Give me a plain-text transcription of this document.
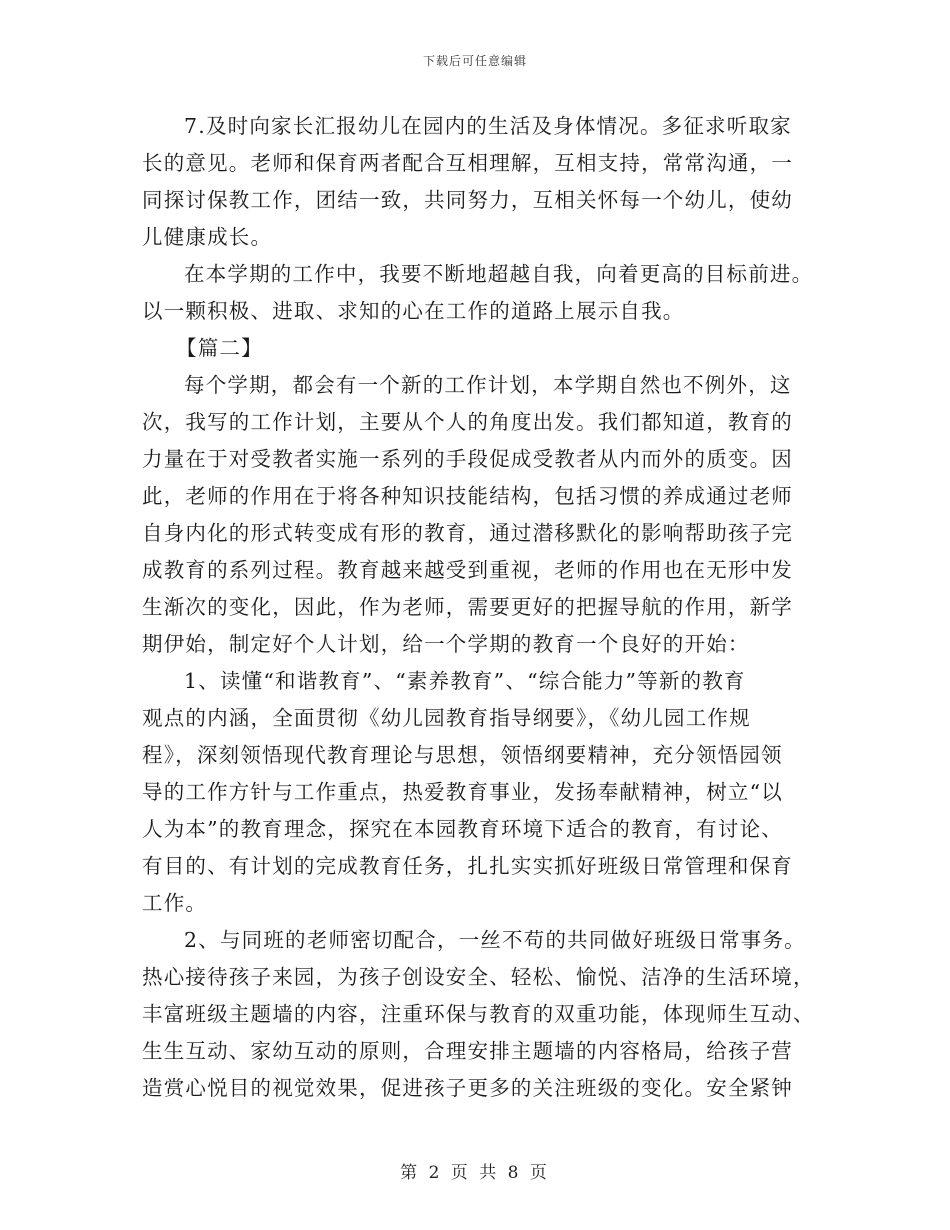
下载后可任意编辑
7.及时向家长汇报幼儿在园内的生活及身体情况。多征求听取家
长的意见。老师和保育两者配合互相理解，互相支持，常常沟通，一
同探讨保教工作，团结一致，共同努力，互相关怀每一个幼儿，使幼
儿健康成长。
在本学期的工作中，我要不断地超越自我，向着更高的目标前进。
以一颗积极、进取、求知的心在工作的道路上展示自我。
【篇二】
每个学期，都会有一个新的工作计划，本学期自然也不例外，这
次，我写的工作计划，主要从个人的角度出发。我们都知道，教育的
力量在于对受教者实施一系列的手段促成受教者从内而外的质变。因
此，老师的作用在于将各种知识技能结构，包括习惯的养成通过老师
自身内化的形式转变成有形的教育，通过潜移默化的影响帮助孩子完
成教育的系列过程。教育越来越受到重视，老师的作用也在无形中发
生渐次的变化，因此，作为老师，需要更好的把握导航的作用，新学
期伊始，制定好个人计划，给一个学期的教育一个良好的开始：
1、读懂“和谐教育”、“素养教育”、“综合能力”等新的教育
观点的内涵，全面贯彻《幼儿园教育指导纲要》，《幼儿园工作规
程》，深刻领悟现代教育理论与思想，领悟纲要精神，充分领悟园领
导的工作方针与工作重点，热爱教育事业，发扬奉献精神，树立“以
人为本”的教育理念，探究在本园教育环境下适合的教育，有讨论、
有目的、有计划的完成教育任务，扎扎实实抓好班级日常管理和保育
工作。
2、与同班的老师密切配合，一丝不苟的共同做好班级日常事务。
热心接待孩子来园，为孩子创设安全、轻松、愉悦、洁净的生活环境，
丰富班级主题墙的内容，注重环保与教育的双重功能，体现师生互动、
生生互动、家幼互动的原则，合理安排主题墙的内容格局，给孩子营
造赏心悦目的视觉效果，促进孩子更多的关注班级的变化。安全紧钟
第 2 页 共 8 页
